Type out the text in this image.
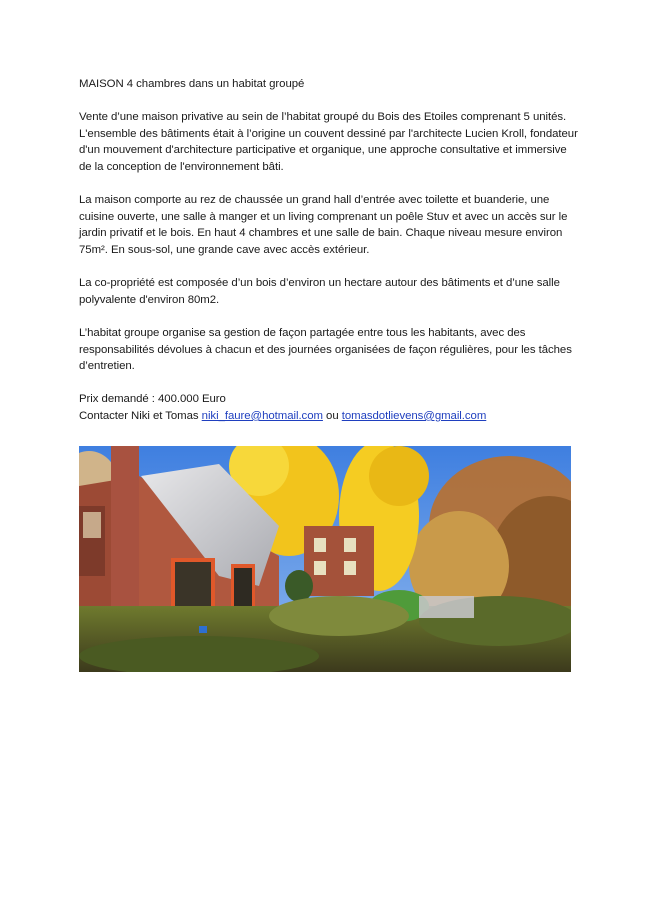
MAISON 4 chambres dans un habitat groupé

Vente d’une maison privative au sein de l’habitat groupé du Bois des Etoiles comprenant 5 unités. L'ensemble des bâtiments était à l’origine un couvent dessiné par l'architecte Lucien Kroll, fondateur d'un mouvement d'architecture participative et organique, une approche consultative et immersive de la conception de l'environnement bâti.

La maison comporte au rez de chaussée un grand hall d’entrée avec toilette et buanderie, une cuisine ouverte, une salle à manger et un living comprenant un poêle Stuv et avec un accès sur le jardin privatif et le bois. En haut 4 chambres et une salle de bain. Chaque niveau mesure environ 75m². En sous-sol, une grande cave avec accès extérieur.

La co-propriété est composée d’un bois d’environ un hectare autour des bâtiments et d’une salle polyvalente d'environ 80m2.

L’habitat groupe organise sa gestion de façon partagée entre tous les habitants, avec des responsabilités dévolues à chacun et des journées organisées de façon régulières, pour les tâches d’entretien.

Prix demandé : 400.000 Euro

Contacter Niki et Tomas niki_faure@hotmail.com ou tomasdotlievens@gmail.com
